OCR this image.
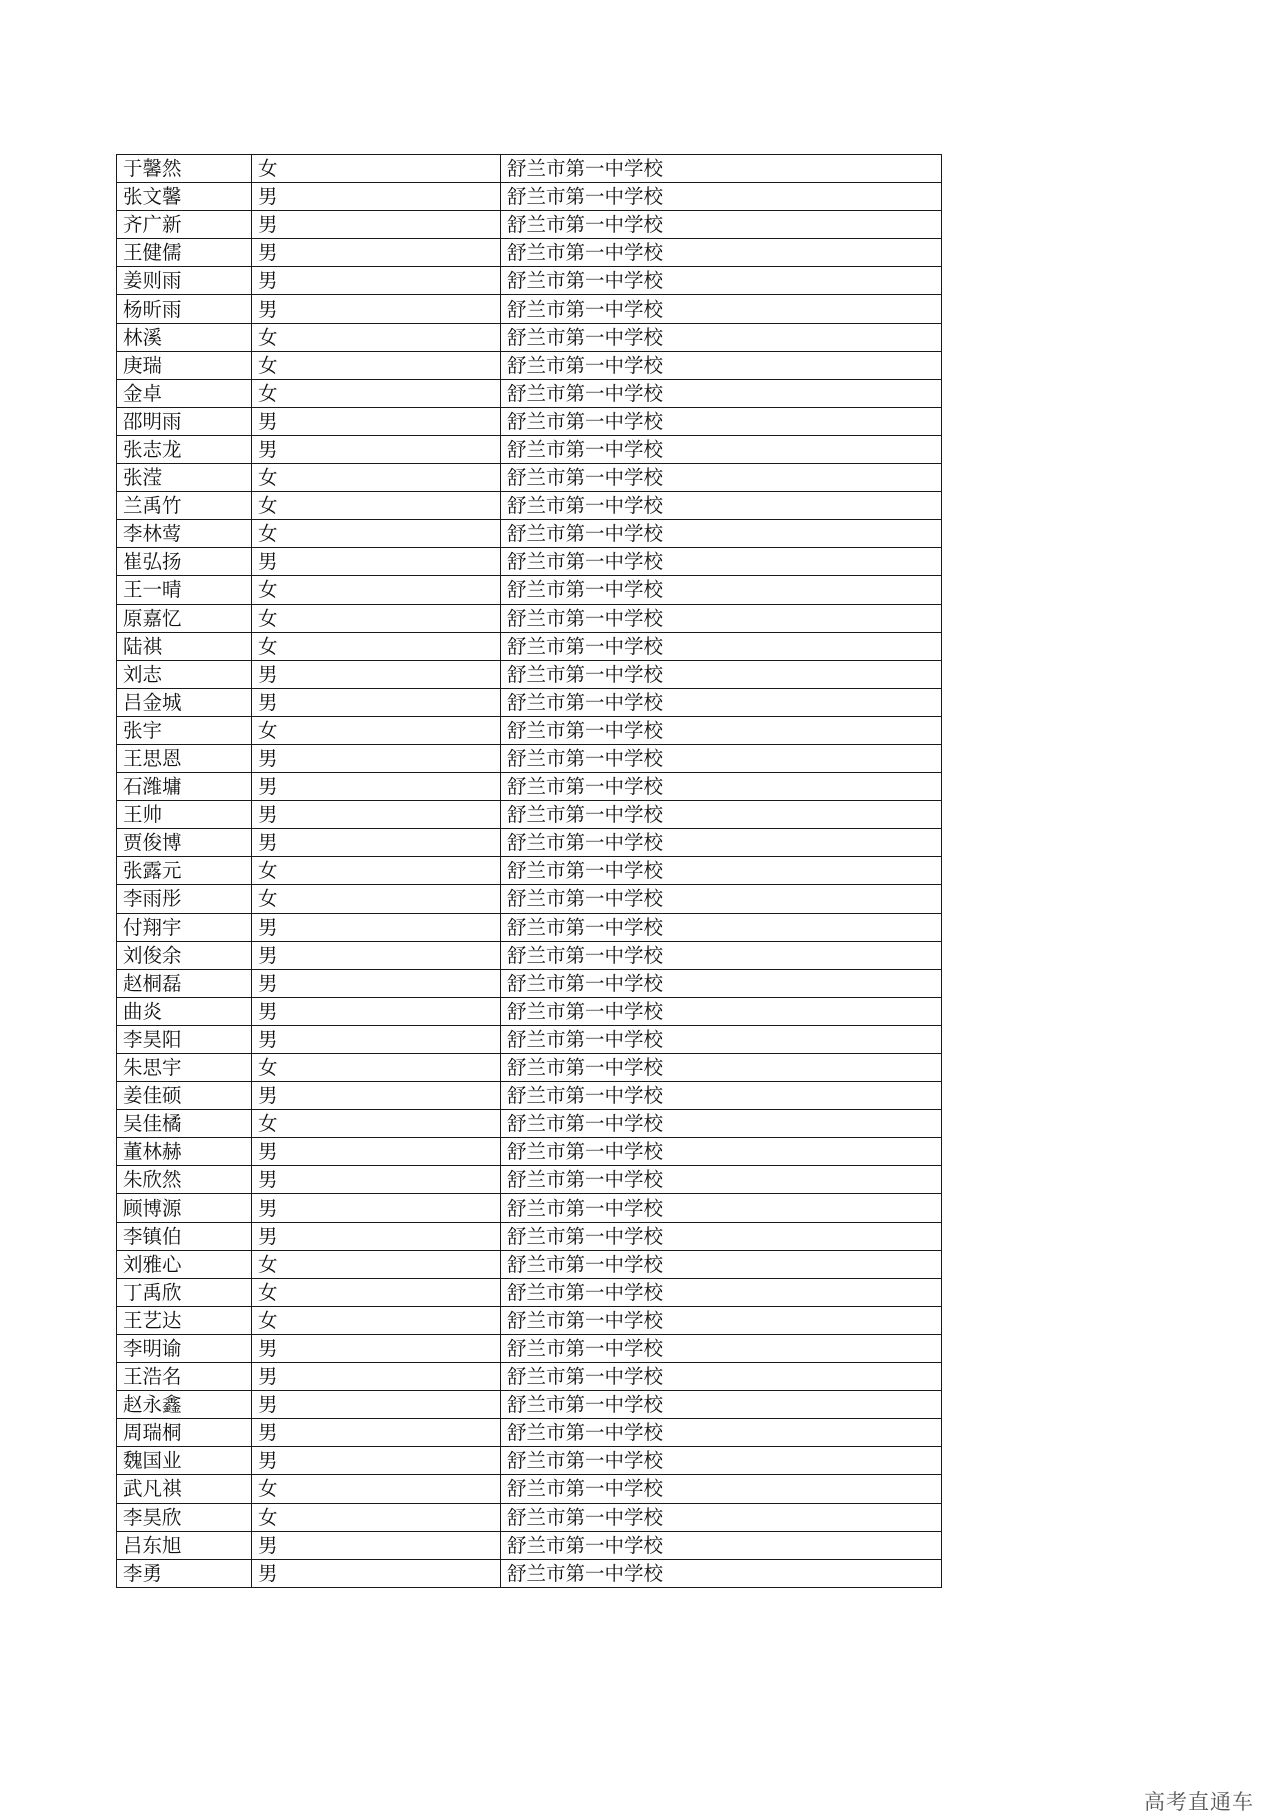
于馨然	女	舒兰市第一中学校
张文馨	男	舒兰市第一中学校
齐广新	男	舒兰市第一中学校
王健儒	男	舒兰市第一中学校
姜则雨	男	舒兰市第一中学校
杨昕雨	男	舒兰市第一中学校
林溪	女	舒兰市第一中学校
庚瑞	女	舒兰市第一中学校
金卓	女	舒兰市第一中学校
邵明雨	男	舒兰市第一中学校
张志龙	男	舒兰市第一中学校
张滢	女	舒兰市第一中学校
兰禹竹	女	舒兰市第一中学校
李林莺	女	舒兰市第一中学校
崔弘扬	男	舒兰市第一中学校
王一晴	女	舒兰市第一中学校
原嘉忆	女	舒兰市第一中学校
陆祺	女	舒兰市第一中学校
刘志	男	舒兰市第一中学校
吕金城	男	舒兰市第一中学校
张宇	女	舒兰市第一中学校
王思恩	男	舒兰市第一中学校
石潍墉	男	舒兰市第一中学校
王帅	男	舒兰市第一中学校
贾俊博	男	舒兰市第一中学校
张露元	女	舒兰市第一中学校
李雨彤	女	舒兰市第一中学校
付翔宇	男	舒兰市第一中学校
刘俊余	男	舒兰市第一中学校
赵桐磊	男	舒兰市第一中学校
曲炎	男	舒兰市第一中学校
李昊阳	男	舒兰市第一中学校
朱思宇	女	舒兰市第一中学校
姜佳硕	男	舒兰市第一中学校
吴佳橘	女	舒兰市第一中学校
董林赫	男	舒兰市第一中学校
朱欣然	男	舒兰市第一中学校
顾博源	男	舒兰市第一中学校
李镇伯	男	舒兰市第一中学校
刘雅心	女	舒兰市第一中学校
丁禹欣	女	舒兰市第一中学校
王艺达	女	舒兰市第一中学校
李明谕	男	舒兰市第一中学校
王浩名	男	舒兰市第一中学校
赵永鑫	男	舒兰市第一中学校
周瑞桐	男	舒兰市第一中学校
魏国业	男	舒兰市第一中学校
武凡祺	女	舒兰市第一中学校
李昊欣	女	舒兰市第一中学校
吕东旭	男	舒兰市第一中学校
李勇	男	舒兰市第一中学校
高考直通车
